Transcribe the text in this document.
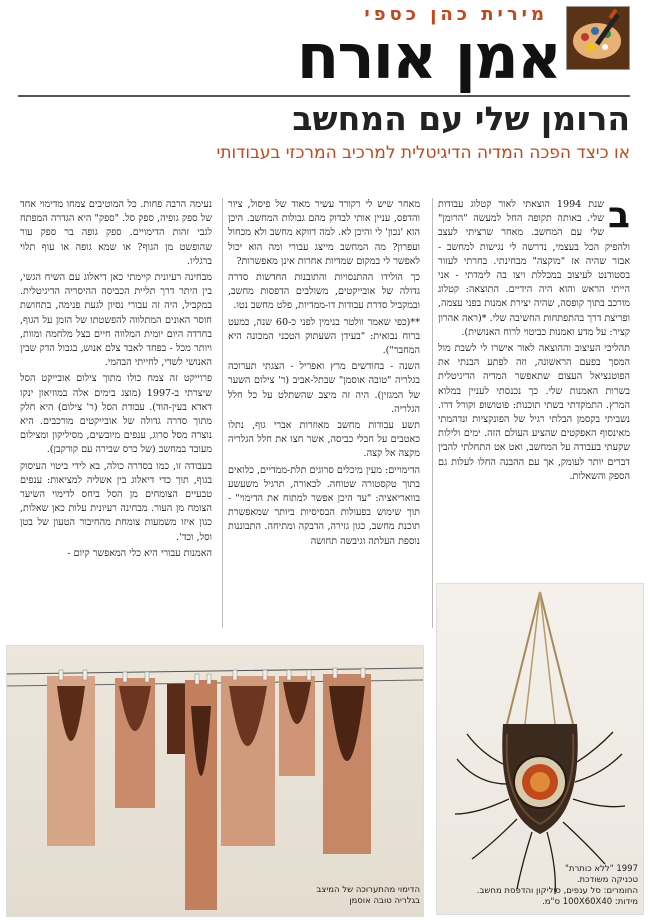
מירית כהן כספי
אמן אורח
הרומן שלי עם המחשב
או כיצד הפכה המדיה הדיגיטלית למרכיב המרכזי בעבודותי
ב

שנת 1994 הוצאתי לאור קטלוג עבודות שלי. באותה תקופה החל למעשה "הרומן" שלי עם המחשב. מאחר שרציתי לעצב ולהפיק הכל בעצמי, נדרשה לי נגישות למחשב - אבזר שהיה אז "מוקצה" מבחינתי. בחרתי לעזור בסטודנט לעיצוב במכללת ויצו בה לימדתי - אני הייתי הראש והוא היה הידיים. התוצאה: קטלוג מורכב בתוך קופסה, שהיה יצירת אמנות בפני עצמה, ופריצת דרך בהתפתחות החשיבה שלי. *(ראה אהרון קציר: על מדע ואמנות כביטוי לרוח האנושית).

תהליכי העיצוב וההוצאה לאור אישרו לי לשבת מול המסך בפעם הראשונה, וזה לפתע הבנתי את הפוטנציאל העצום שתאפשר המדיה הדיגיטלית בשרות האמנות שלי. כך נכנסתי לעניין במלוא המרץ. התמקדתי בשתי תוכנות: פוטושופ וקורל דרו. נשביתי בקסמן הבלתי רגיל של הפונקציות ונדהמתי מאינסוף האפקטים שהציע העולם הזה. ימים ולילות שקעתי בעבודה על המחשב, ואט אט התחלתי להבין דברים יותר לעומק, אך עם ההבנה החלו לעלות גם הספק והשאלות.

מאחר שיש לי רקורד עשיר מאוד של פיסול, ציור והדפס, עניין אותי לבדוק מהם גבולות המחשב. היכן הוא 'נכון' לי והיכן לא. למה דווקא מחשב ולא מכחול ועפרון? מה המחשב מייצג עבורי ומה הוא יכול לאפשר לי במקום שמדיות אחרות אינן מאפשרות?

כך הולידו ההתנסויות והתובנות החדשות סדרה גדולה של אובייקטים, משולבים הדפסות מחשב, ובמקביל סדרת עבודות דו-ממדיות, פלט מחשב נטו.

**(כפי שאמר וולטר בנימין לפני כ-60 שנה, כמעט ברוח נבואית: "בעידן השעתוק הטכני המכונה היא המחבר").

השנה - בחודשים מרץ ואפריל - הצגתי תערוכה בגלריה "טובה אוסמן" שבתל-אביב (ר' צילום השער של המגזין). היה זה מיצב שהשתלט על כל חלל הגלריה.

תשע עבודות מחשב מאוזרות אברי גוף, נתלו כאטבים על חבלי כביסה, אשר חצו את חלל הגלריה מקצה אל קצה.

הדימויים: מעין מיכלים סרוגים תלת-ממדיים, כלואים בתוך טקסטורה שטוחה. לכאורה, תרגיל משעשע בוואריאציה: "עד היכן אפשר למתוח את הדימוי" - תוך שימוש בפעולות הבסיסיות ביותר שמאפשרת תוכנת מחשב, כגון גזירה, הדבקה ומתיחה. התבוננות נוספת העלתה וגיבשה תחושה

נעימה הרבה פחות. כל המוטיבים צמחו מדימוי אחד של ספק גופיה, ספק סל. "ספק" היא הגדרה המפתח לגבי זהות הדימויים. ספק גופה בר ספק עור שהופשט מן הגוף? או שמא גופה או עוף תלוי ברגליו.

מבחינה רעיונית קיימתי כאן דיאלוג עם השיח הגשי, בין היתר דרך תליית הכביסה ההיסריה הדיגיטלית. במקביל, היה זה עבורי נסיון לגעת פנימה, בתחושת חוסר האונים המתלווה להפשטתו של הזמן על הגוף, בחרדה היום יומית המלווה חיים בצל מלחמה ומוות, ויותר מכל - בפחד לאבד צלם אנוש, בגבול הדק שבין האנושי לשדי, לחייתי הבהמי.

פרוייקט זה צמח כולו מתוך צילום אובייקט הסל שיצרתי ב-1997 (מוצג בימים אלה במוזיאון ינקו דאדא בעין-הוד). עבודת הסל (ר' צילום) היא חלק מתוך סדרה גדולה של אובייקטים מורכבים. היא נוצרה מסל סרוג, ענפים מיובשים, מסיליקון ומצילום מעובד במחשב (של כרס שבירה עם קורקבן).

בעבודה זו, כמו בסדרה כולה, בא לידי ביטוי העיסוק בגוף, תוך כדי דיאלוג בין אשליה למציאות: ענפים טבעיים הצומחים מן הסל ביחס לדימוי השיער הצומח מן העור. מבחינה רעיונית עלות כאן שאלות, כגון איזו משמעות צומחת מהחיבור הטעון של בטן וסל, וכד'.

האמנות עבורי היא כלי המאפשר קיום -

הדימוי מהתערוכה של המיצב
בגלריה טובה אוסמן
1997 "ללא כותרת"
טכניקה משודכת.
החומרים: סל ענפים, סיליקון והדפסת מחשב.
מידות: 100X60X40 ס"מ.
